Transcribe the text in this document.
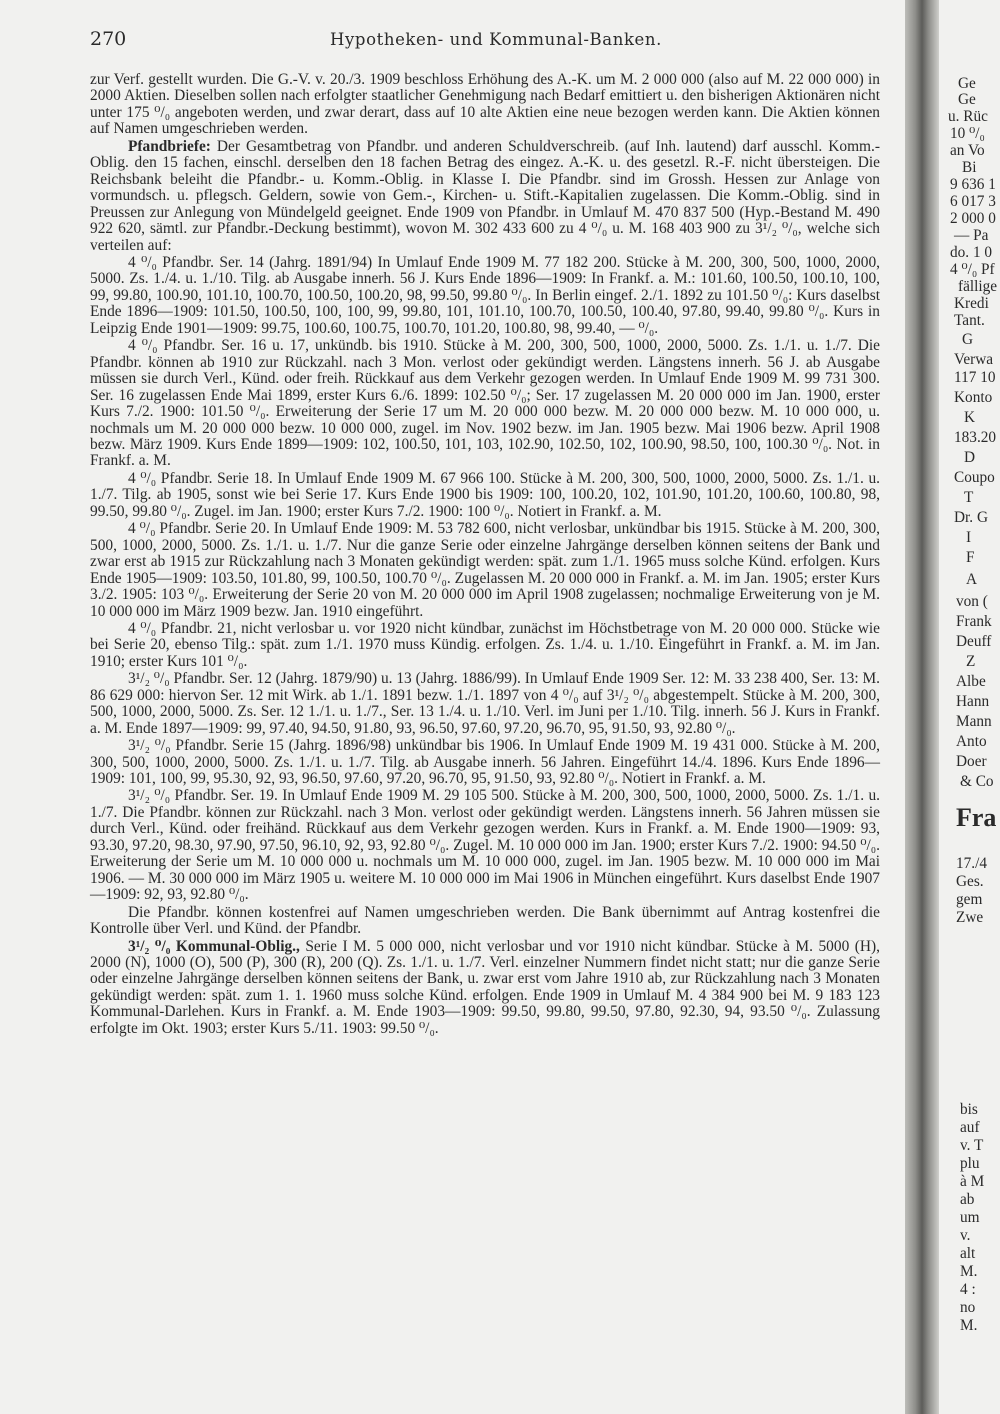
270	Hypotheken- und Kommunal-Banken.

zur Verf. gestellt wurden. Die G.-V. v. 20./3. 1909 beschloss Erhöhung des A.-K. um M. 2 000 000 (also auf M. 22 000 000) in 2000 Aktien. Dieselben sollen nach erfolgter staatlicher Genehmigung nach Bedarf emittiert u. den bisherigen Aktionären nicht unter 175 ⁰/₀ angeboten werden, und zwar derart, dass auf 10 alte Aktien eine neue bezogen werden kann. Die Aktien können auf Namen umgeschrieben werden.

Pfandbriefe: Der Gesamtbetrag von Pfandbr. und anderen Schuldverschreib. (auf Inh. lautend) darf ausschl. Komm.-Oblig. den 15 fachen, einschl. derselben den 18 fachen Betrag des eingez. A.-K. u. des gesetzl. R.-F. nicht übersteigen. Die Reichsbank beleiht die Pfandbr.- u. Komm.-Oblig. in Klasse I. Die Pfandbr. sind im Grossh. Hessen zur Anlage von vormundsch. u. pflegsch. Geldern, sowie von Gem.-, Kirchen- u. Stift.-Kapitalien zugelassen. Die Komm.-Oblig. sind in Preussen zur Anlegung von Mündelgeld geeignet. Ende 1909 von Pfandbr. in Umlauf M. 470 837 500 (Hyp.-Bestand M. 490 922 620, sämtl. zur Pfandbr.-Deckung bestimmt), wovon M. 302 433 600 zu 4 ⁰/₀ u. M. 168 403 900 zu 3¹/₂ ⁰/₀, welche sich verteilen auf:

4 ⁰/₀ Pfandbr. Ser. 14 (Jahrg. 1891/94) In Umlauf Ende 1909 M. 77 182 200. Stücke à M. 200, 300, 500, 1000, 2000, 5000. Zs. 1./4. u. 1./10. Tilg. ab Ausgabe innerh. 56 J. Kurs Ende 1896—1909: In Frankf. a. M.: 101.60, 100.50, 100.10, 100, 99, 99.80, 100.90, 101.10, 100.70, 100.50, 100.20, 98, 99.50, 99.80 ⁰/₀. In Berlin eingef. 2./1. 1892 zu 101.50 ⁰/₀: Kurs daselbst Ende 1896—1909: 101.50, 100.50, 100, 100, 99, 99.80, 101, 101.10, 100.70, 100.50, 100.40, 97.80, 99.40, 99.80 ⁰/₀. Kurs in Leipzig Ende 1901—1909: 99.75, 100.60, 100.75, 100.70, 101.20, 100.80, 98, 99.40, — ⁰/₀.

4 ⁰/₀ Pfandbr. Ser. 16 u. 17, unkündb. bis 1910. Stücke à M. 200, 300, 500, 1000, 2000, 5000. Zs. 1./1. u. 1./7. Die Pfandbr. können ab 1910 zur Rückzahl. nach 3 Mon. verlost oder gekündigt werden. Längstens innerh. 56 J. ab Ausgabe müssen sie durch Verl., Künd. oder freih. Rückkauf aus dem Verkehr gezogen werden. In Umlauf Ende 1909 M. 99 731 300. Ser. 16 zugelassen Ende Mai 1899, erster Kurs 6./6. 1899: 102.50 ⁰/₀; Ser. 17 zugelassen M. 20 000 000 im Jan. 1900, erster Kurs 7./2. 1900: 101.50 ⁰/₀. Erweiterung der Serie 17 um M. 20 000 000 bezw. M. 20 000 000 bezw. M. 10 000 000, u. nochmals um M. 20 000 000 bezw. 10 000 000, zugel. im Nov. 1902 bezw. im Jan. 1905 bezw. Mai 1906 bezw. April 1908 bezw. März 1909. Kurs Ende 1899—1909: 102, 100.50, 101, 103, 102.90, 102.50, 102, 100.90, 98.50, 100, 100.30 ⁰/₀. Not. in Frankf. a. M.

4 ⁰/₀ Pfandbr. Serie 18. In Umlauf Ende 1909 M. 67 966 100. Stücke à M. 200, 300, 500, 1000, 2000, 5000. Zs. 1./1. u. 1./7. Tilg. ab 1905, sonst wie bei Serie 17. Kurs Ende 1900 bis 1909: 100, 100.20, 102, 101.90, 101.20, 100.60, 100.80, 98, 99.50, 99.80 ⁰/₀. Zugel. im Jan. 1900; erster Kurs 7./2. 1900: 100 ⁰/₀. Notiert in Frankf. a. M.

4 ⁰/₀ Pfandbr. Serie 20. In Umlauf Ende 1909: M. 53 782 600, nicht verlosbar, unkündbar bis 1915. Stücke à M. 200, 300, 500, 1000, 2000, 5000. Zs. 1./1. u. 1./7. Nur die ganze Serie oder einzelne Jahrgänge derselben können seitens der Bank und zwar erst ab 1915 zur Rückzahlung nach 3 Monaten gekündigt werden: spät. zum 1./1. 1965 muss solche Künd. erfolgen. Kurs Ende 1905—1909: 103.50, 101.80, 99, 100.50, 100.70 ⁰/₀. Zugelassen M. 20 000 000 in Frankf. a. M. im Jan. 1905; erster Kurs 3./2. 1905: 103 ⁰/₀. Erweiterung der Serie 20 von M. 20 000 000 im April 1908 zugelassen; nochmalige Erweiterung von je M. 10 000 000 im März 1909 bezw. Jan. 1910 eingeführt.

4 ⁰/₀ Pfandbr. 21, nicht verlosbar u. vor 1920 nicht kündbar, zunächst im Höchstbetrage von M. 20 000 000. Stücke wie bei Serie 20, ebenso Tilg.: spät. zum 1./1. 1970 muss Kündig. erfolgen. Zs. 1./4. u. 1./10. Eingeführt in Frankf. a. M. im Jan. 1910; erster Kurs 101 ⁰/₀.

3¹/₂ ⁰/₀ Pfandbr. Ser. 12 (Jahrg. 1879/90) u. 13 (Jahrg. 1886/99). In Umlauf Ende 1909 Ser. 12: M. 33 238 400, Ser. 13: M. 86 629 000: hiervon Ser. 12 mit Wirk. ab 1./1. 1891 bezw. 1./1. 1897 von 4 ⁰/₀ auf 3¹/₂ ⁰/₀ abgestempelt. Stücke à M. 200, 300, 500, 1000, 2000, 5000. Zs. Ser. 12 1./1. u. 1./7., Ser. 13 1./4. u. 1./10. Verl. im Juni per 1./10. Tilg. innerh. 56 J. Kurs in Frankf. a. M. Ende 1897—1909: 99, 97.40, 94.50, 91.80, 93, 96.50, 97.60, 97.20, 96.70, 95, 91.50, 93, 92.80 ⁰/₀.

3¹/₂ ⁰/₀ Pfandbr. Serie 15 (Jahrg. 1896/98) unkündbar bis 1906. In Umlauf Ende 1909 M. 19 431 000. Stücke à M. 200, 300, 500, 1000, 2000, 5000. Zs. 1./1. u. 1./7. Tilg. ab Ausgabe innerh. 56 Jahren. Eingeführt 14./4. 1896. Kurs Ende 1896—1909: 101, 100, 99, 95.30, 92, 93, 96.50, 97.60, 97.20, 96.70, 95, 91.50, 93, 92.80 ⁰/₀. Notiert in Frankf. a. M.

3¹/₂ ⁰/₀ Pfandbr. Ser. 19. In Umlauf Ende 1909 M. 29 105 500. Stücke à M. 200, 300, 500, 1000, 2000, 5000. Zs. 1./1. u. 1./7. Die Pfandbr. können zur Rückzahl. nach 3 Mon. verlost oder gekündigt werden. Längstens innerh. 56 Jahren müssen sie durch Verl., Künd. oder freihänd. Rückkauf aus dem Verkehr gezogen werden. Kurs in Frankf. a. M. Ende 1900—1909: 93, 93.30, 97.20, 98.30, 97.90, 97.50, 96.10, 92, 93, 92.80 ⁰/₀. Zugel. M. 10 000 000 im Jan. 1900; erster Kurs 7./2. 1900: 94.50 ⁰/₀. Erweiterung der Serie um M. 10 000 000 u. nochmals um M. 10 000 000, zugel. im Jan. 1905 bezw. M. 10 000 000 im Mai 1906. — M. 30 000 000 im März 1905 u. weitere M. 10 000 000 im Mai 1906 in München eingeführt. Kurs daselbst Ende 1907—1909: 92, 93, 92.80 ⁰/₀.

Die Pfandbr. können kostenfrei auf Namen umgeschrieben werden. Die Bank übernimmt auf Antrag kostenfrei die Kontrolle über Verl. und Künd. der Pfandbr.

3¹/₂ ⁰/₀ Kommunal-Oblig., Serie I M. 5 000 000, nicht verlosbar und vor 1910 nicht kündbar. Stücke à M. 5000 (H), 2000 (N), 1000 (O), 500 (P), 300 (R), 200 (Q). Zs. 1./1. u. 1./7. Verl. einzelner Nummern findet nicht statt; nur die ganze Serie oder einzelne Jahrgänge derselben können seitens der Bank, u. zwar erst vom Jahre 1910 ab, zur Rückzahlung nach 3 Monaten gekündigt werden: spät. zum 1. 1. 1960 muss solche Künd. erfolgen. Ende 1909 in Umlauf M. 4 384 900 bei M. 9 183 123 Kommunal-Darlehen. Kurs in Frankf. a. M. Ende 1903—1909: 99.50, 99.80, 99.50, 97.80, 92.30, 94, 93.50 ⁰/₀. Zulassung erfolgte im Okt. 1903; erster Kurs 5./11. 1903: 99.50 ⁰/₀.

Ge
Ge
u. Rüc
10 ⁰/₀
an Vo
Bi
9 636 1
6 017 3
2 000 0
— Pa
do. 1 0
4 ⁰/₀ Pf
fällige
Kredi
Tant.
G
Verwa
117 10
Konto
K
183.20
D
Coupo
T
Dr. G
I
F
A
von (
Frank
Deuff
Z
Albe
Hann
Mann
Anto
Doer
& Co
Fra
17./4
Ges.
gem
Zwe
bis
auf
v. T
plu
à M
ab
um
v.
alt
M.
4 :
no
M.
